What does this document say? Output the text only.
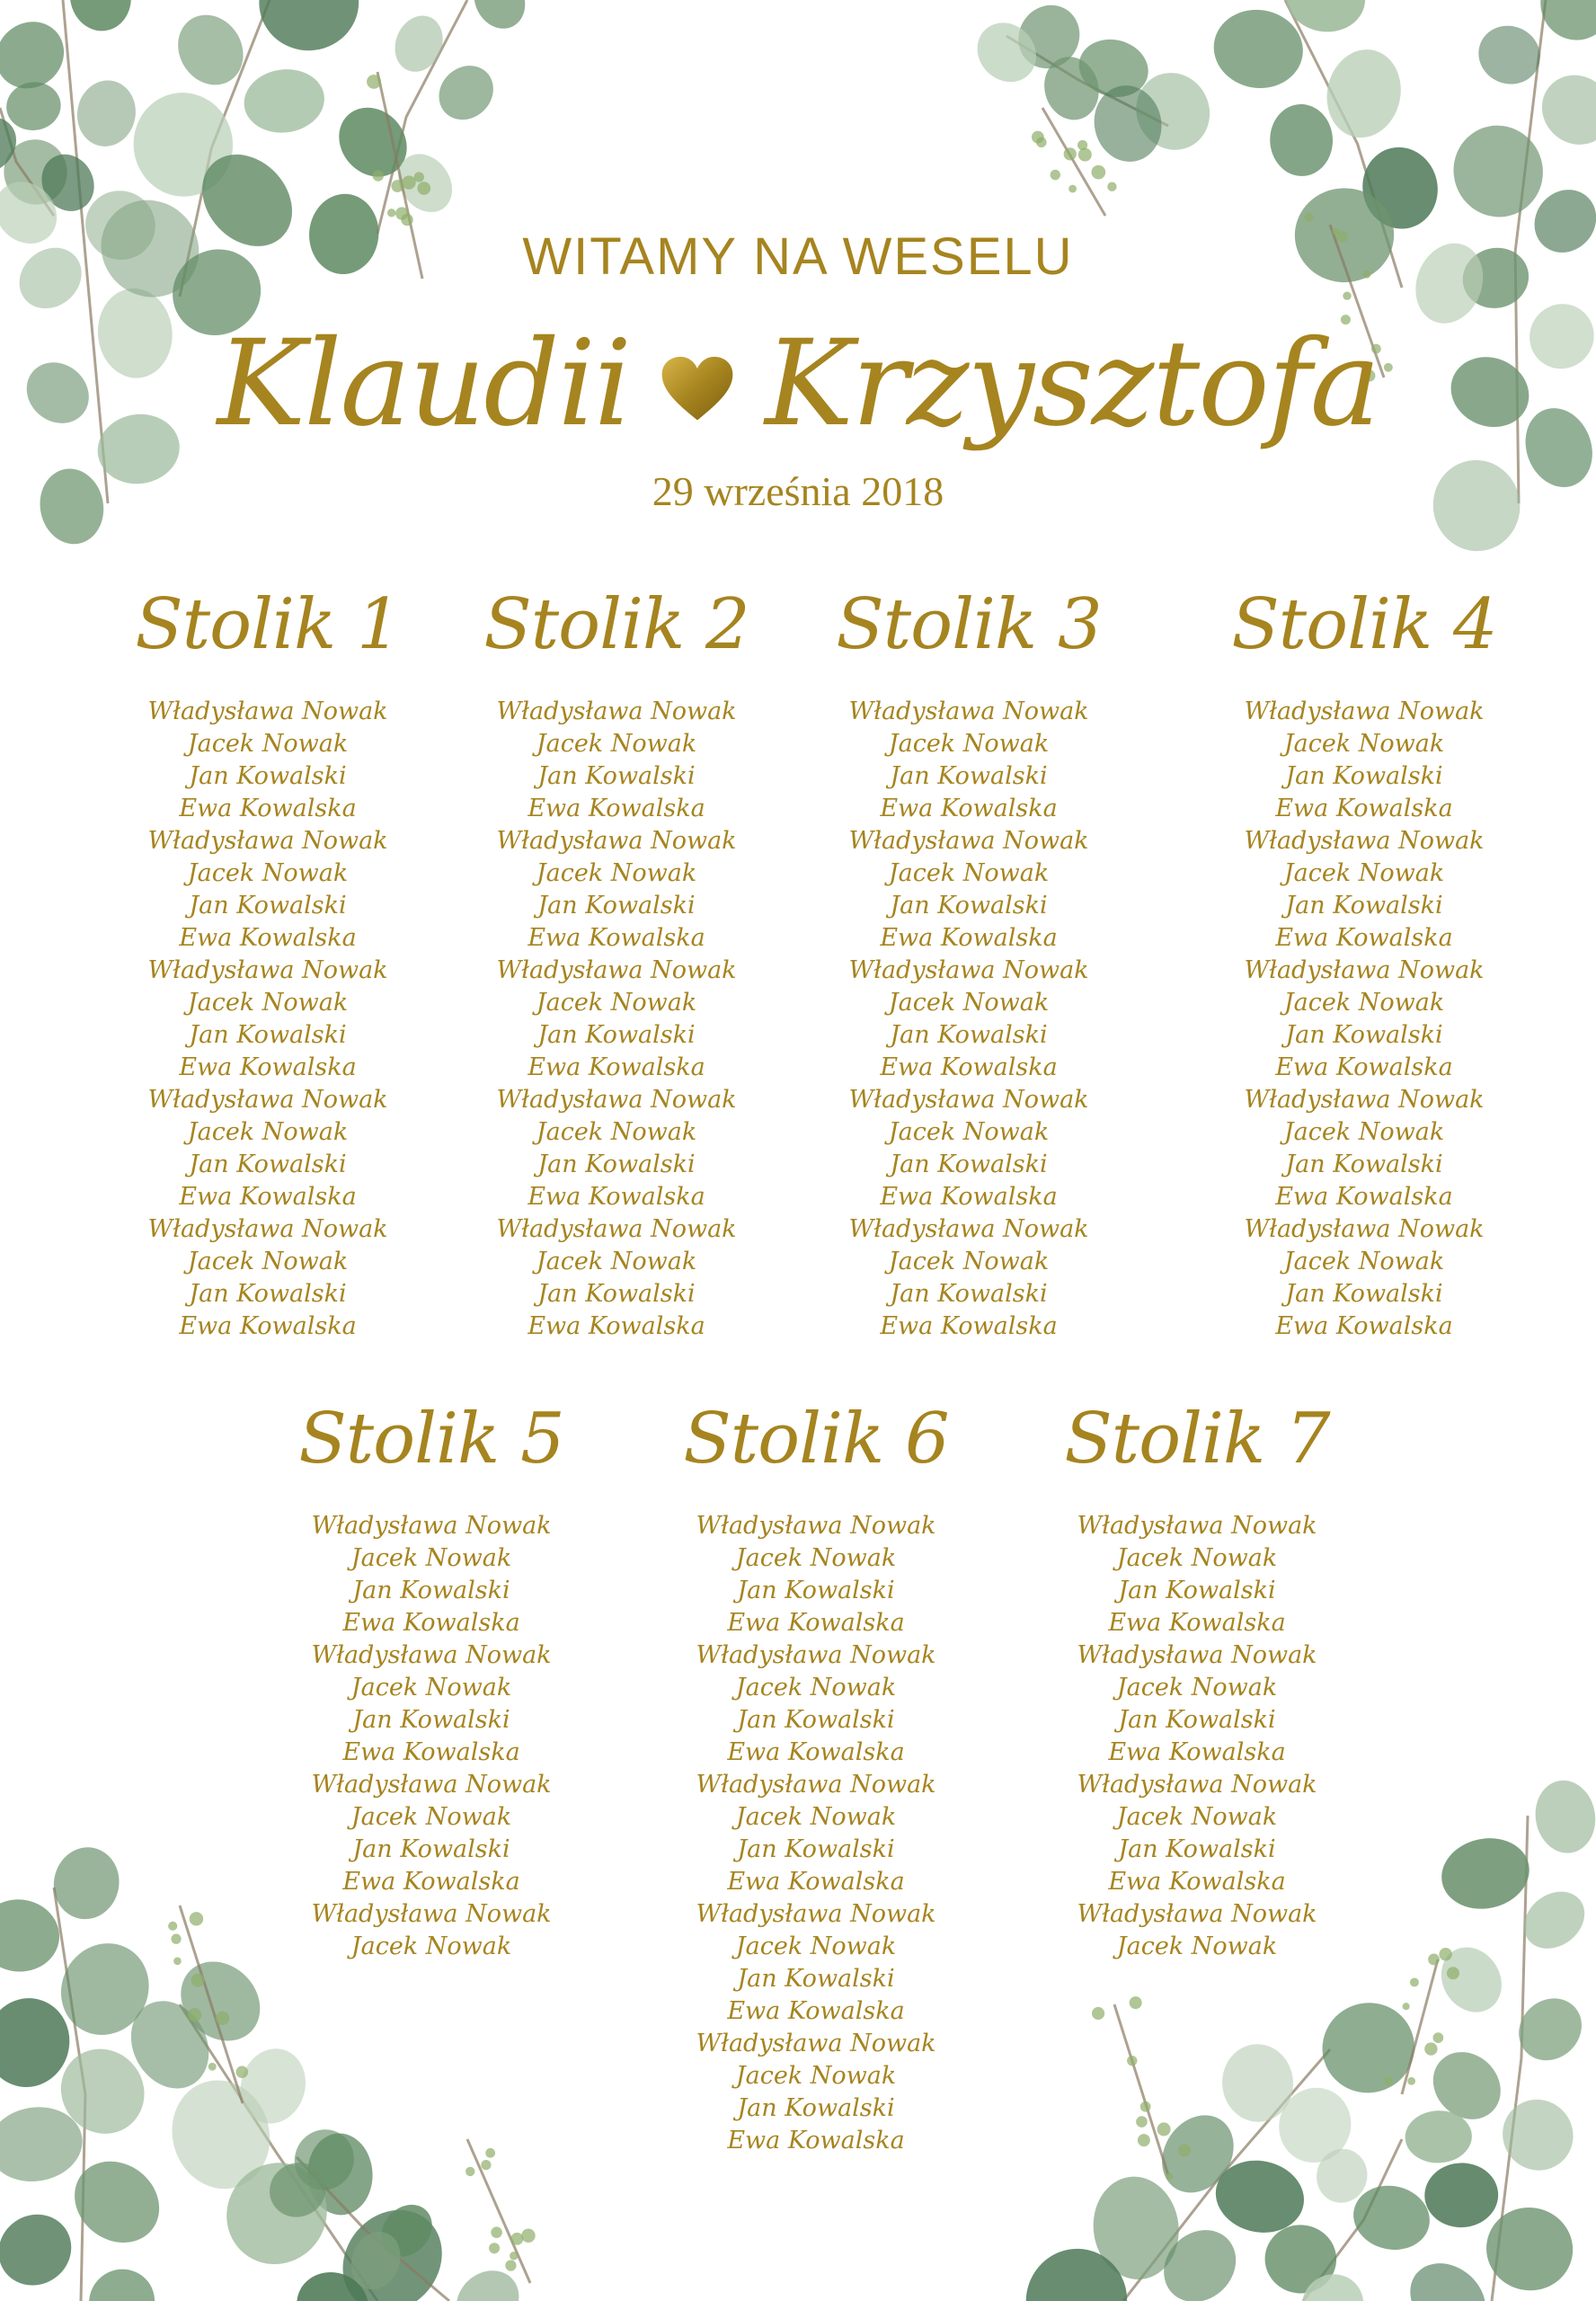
WITAMY NA WESELU
Klaudii Krzysztofa
29 września 2018
Stolik 1
Władysława Nowak
Jacek Nowak
Jan Kowalski
Ewa Kowalska
Władysława Nowak
Jacek Nowak
Jan Kowalski
Ewa Kowalska
Władysława Nowak
Jacek Nowak
Jan Kowalski
Ewa Kowalska
Władysława Nowak
Jacek Nowak
Jan Kowalski
Ewa Kowalska
Władysława Nowak
Jacek Nowak
Jan Kowalski
Ewa Kowalska
Stolik 2
Władysława Nowak
Jacek Nowak
Jan Kowalski
Ewa Kowalska
Władysława Nowak
Jacek Nowak
Jan Kowalski
Ewa Kowalska
Władysława Nowak
Jacek Nowak
Jan Kowalski
Ewa Kowalska
Władysława Nowak
Jacek Nowak
Jan Kowalski
Ewa Kowalska
Władysława Nowak
Jacek Nowak
Jan Kowalski
Ewa Kowalska
Stolik 3
Władysława Nowak
Jacek Nowak
Jan Kowalski
Ewa Kowalska
Władysława Nowak
Jacek Nowak
Jan Kowalski
Ewa Kowalska
Władysława Nowak
Jacek Nowak
Jan Kowalski
Ewa Kowalska
Władysława Nowak
Jacek Nowak
Jan Kowalski
Ewa Kowalska
Władysława Nowak
Jacek Nowak
Jan Kowalski
Ewa Kowalska
Stolik 4
Władysława Nowak
Jacek Nowak
Jan Kowalski
Ewa Kowalska
Władysława Nowak
Jacek Nowak
Jan Kowalski
Ewa Kowalska
Władysława Nowak
Jacek Nowak
Jan Kowalski
Ewa Kowalska
Władysława Nowak
Jacek Nowak
Jan Kowalski
Ewa Kowalska
Władysława Nowak
Jacek Nowak
Jan Kowalski
Ewa Kowalska
Stolik 5
Władysława Nowak
Jacek Nowak
Jan Kowalski
Ewa Kowalska
Władysława Nowak
Jacek Nowak
Jan Kowalski
Ewa Kowalska
Władysława Nowak
Jacek Nowak
Jan Kowalski
Ewa Kowalska
Władysława Nowak
Jacek Nowak
Stolik 6
Władysława Nowak
Jacek Nowak
Jan Kowalski
Ewa Kowalska
Władysława Nowak
Jacek Nowak
Jan Kowalski
Ewa Kowalska
Władysława Nowak
Jacek Nowak
Jan Kowalski
Ewa Kowalska
Władysława Nowak
Jacek Nowak
Jan Kowalski
Ewa Kowalska
Władysława Nowak
Jacek Nowak
Jan Kowalski
Ewa Kowalska
Stolik 7
Władysława Nowak
Jacek Nowak
Jan Kowalski
Ewa Kowalska
Władysława Nowak
Jacek Nowak
Jan Kowalski
Ewa Kowalska
Władysława Nowak
Jacek Nowak
Jan Kowalski
Ewa Kowalska
Władysława Nowak
Jacek Nowak
